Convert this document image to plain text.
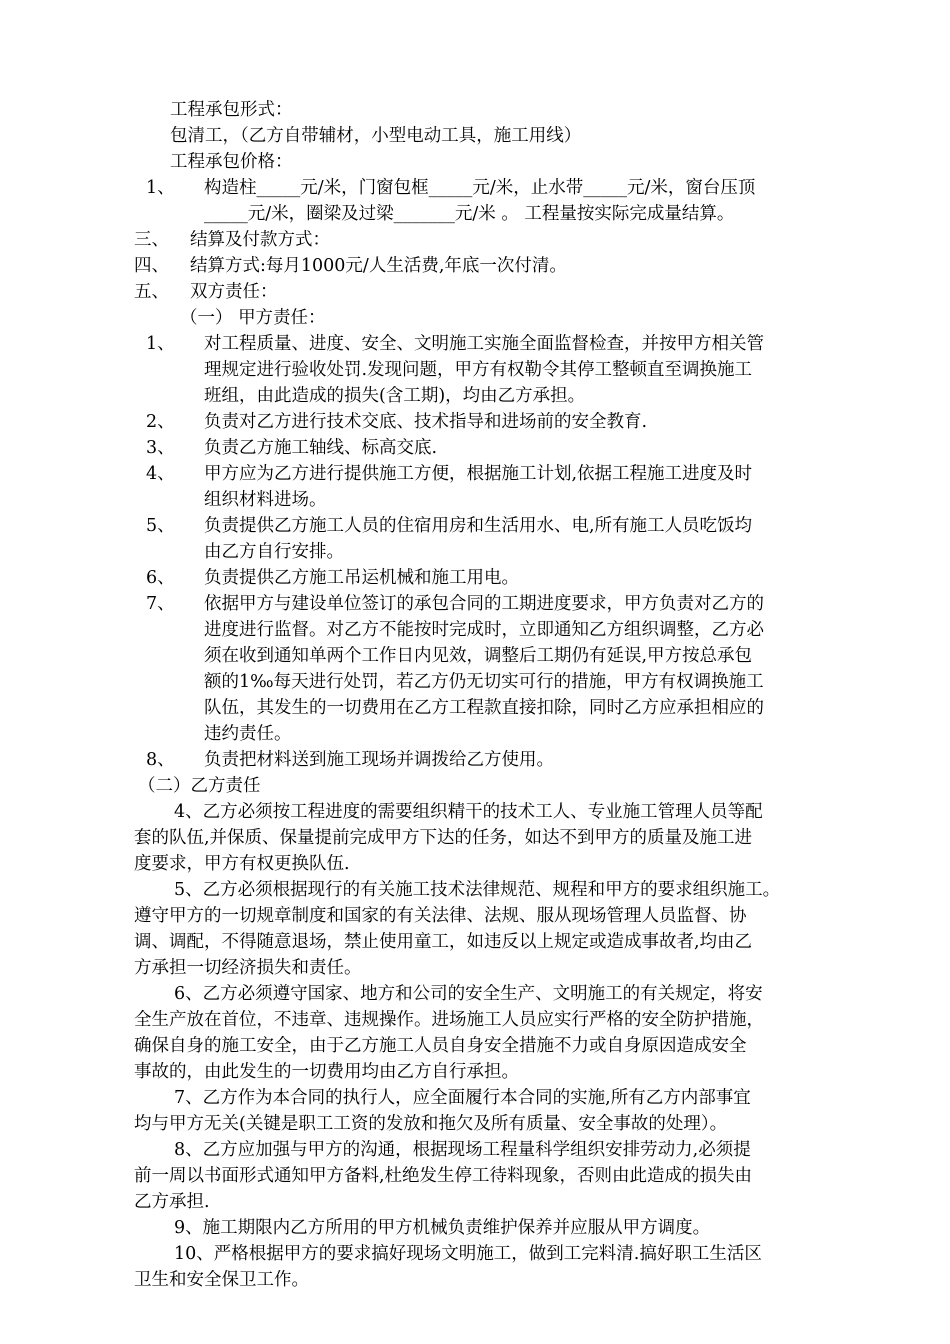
工程承包形式：
包清工，（乙方自带辅材，小型电动工具，施工用线）
工程承包价格：
1、 构造柱_____元/米，门窗包框_____元/米，止水带_____元/米，窗台压顶
_____元/米，圈梁及过梁_______元/米 。 工程量按实际完成量结算。
三、 结算及付款方式：
四、 结算方式:每月1000元/人生活费,年底一次付清。
五、 双方责任：
（一） 甲方责任：
1、 对工程质量、进度、安全、文明施工实施全面监督检查，并按甲方相关管
理规定进行验收处罚.发现问题，甲方有权勒令其停工整顿直至调换施工
班组，由此造成的损失(含工期)，均由乙方承担。
2、 负责对乙方进行技术交底、技术指导和进场前的安全教育.
3、 负责乙方施工轴线、标高交底.
4、 甲方应为乙方进行提供施工方便，根据施工计划,依据工程施工进度及时
组织材料进场。
5、 负责提供乙方施工人员的住宿用房和生活用水、电,所有施工人员吃饭均
由乙方自行安排。
6、 负责提供乙方施工吊运机械和施工用电。
7、 依据甲方与建设单位签订的承包合同的工期进度要求，甲方负责对乙方的
进度进行监督。对乙方不能按时完成时，立即通知乙方组织调整，乙方必
须在收到通知单两个工作日内见效，调整后工期仍有延误,甲方按总承包
额的1‰每天进行处罚，若乙方仍无切实可行的措施，甲方有权调换施工
队伍，其发生的一切费用在乙方工程款直接扣除，同时乙方应承担相应的
违约责任。
8、 负责把材料送到施工现场并调拨给乙方使用。
（二）乙方责任
4、乙方必须按工程进度的需要组织精干的技术工人、专业施工管理人员等配
套的队伍,并保质、保量提前完成甲方下达的任务，如达不到甲方的质量及施工进
度要求，甲方有权更换队伍.
5、乙方必须根据现行的有关施工技术法律规范、规程和甲方的要求组织施工。
遵守甲方的一切规章制度和国家的有关法律、法规、服从现场管理人员监督、协
调、调配，不得随意退场，禁止使用童工，如违反以上规定或造成事故者,均由乙
方承担一切经济损失和责任。
6、乙方必须遵守国家、地方和公司的安全生产、文明施工的有关规定，将安
全生产放在首位，不违章、违规操作。进场施工人员应实行严格的安全防护措施，
确保自身的施工安全，由于乙方施工人员自身安全措施不力或自身原因造成安全
事故的，由此发生的一切费用均由乙方自行承担。
7、乙方作为本合同的执行人，应全面履行本合同的实施,所有乙方内部事宜
均与甲方无关(关键是职工工资的发放和拖欠及所有质量、安全事故的处理）。
8、乙方应加强与甲方的沟通，根据现场工程量科学组织安排劳动力,必须提
前一周以书面形式通知甲方备料,杜绝发生停工待料现象，否则由此造成的损失由
乙方承担.
9、施工期限内乙方所用的甲方机械负责维护保养并应服从甲方调度。
10、严格根据甲方的要求搞好现场文明施工，做到工完料清.搞好职工生活区
卫生和安全保卫工作。
